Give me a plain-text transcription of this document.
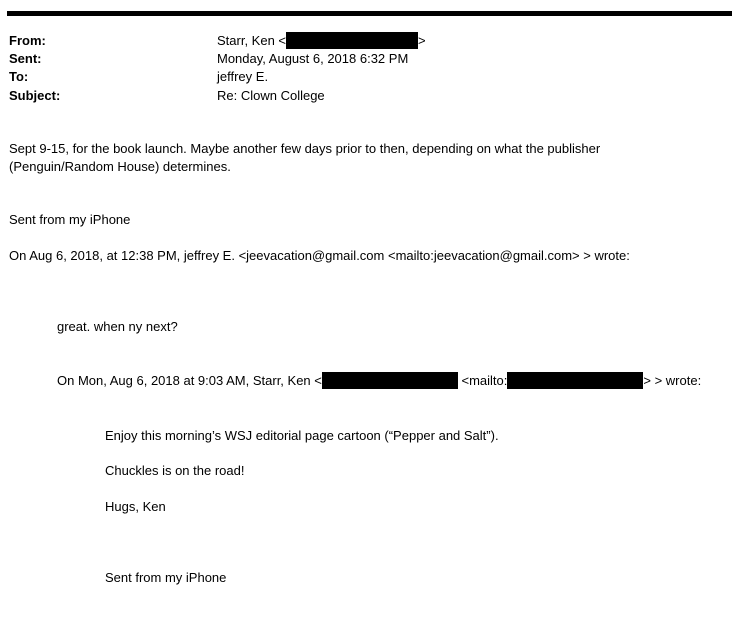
From:	Starr, Ken <	>
Sent:	Monday, August 6, 2018 6:32 PM
To:	jeffrey E.
Subject:	Re: Clown College
Sept 9-15, for the book launch. Maybe another few days prior to then, depending on what the publisher
(Penguin/Random House) determines.
Sent from my iPhone
On Aug 6, 2018, at 12:38 PM, jeffrey E. <jeevacation@gmail.com <mailto:jeevacation@gmail.com> > wrote:
great. when ny next?
On Mon, Aug 6, 2018 at 9:03 AM, Starr, Ken <	<mailto:	> > wrote:
Enjoy this morning’s WSJ editorial page cartoon (“Pepper and Salt”).
Chuckles is on the road!
Hugs, Ken
Sent from my iPhone
